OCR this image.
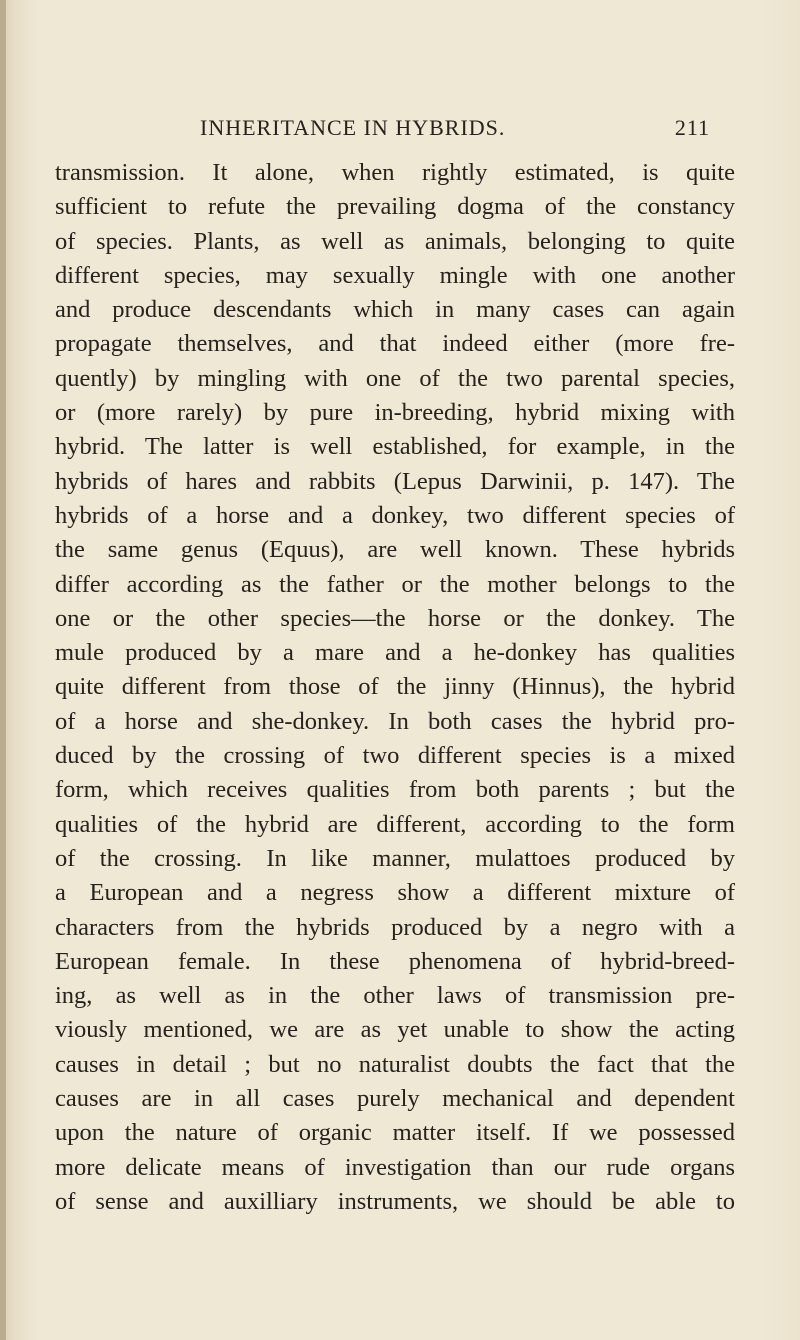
INHERITANCE IN HYBRIDS.	211
transmission. It alone, when rightly estimated, is quite
sufficient to refute the prevailing dogma of the constancy
of species. Plants, as well as animals, belonging to quite
different species, may sexually mingle with one another
and produce descendants which in many cases can again
propagate themselves, and that indeed either (more fre-
quently) by mingling with one of the two parental species,
or (more rarely) by pure in-breeding, hybrid mixing with
hybrid. The latter is well established, for example, in the
hybrids of hares and rabbits (Lepus Darwinii, p. 147). The
hybrids of a horse and a donkey, two different species of
the same genus (Equus), are well known. These hybrids
differ according as the father or the mother belongs to the
one or the other species—the horse or the donkey. The
mule produced by a mare and a he-donkey has qualities
quite different from those of the jinny (Hinnus), the hybrid
of a horse and she-donkey. In both cases the hybrid pro-
duced by the crossing of two different species is a mixed
form, which receives qualities from both parents ; but the
qualities of the hybrid are different, according to the form
of the crossing. In like manner, mulattoes produced by
a European and a negress show a different mixture of
characters from the hybrids produced by a negro with a
European female. In these phenomena of hybrid-breed-
ing, as well as in the other laws of transmission pre-
viously mentioned, we are as yet unable to show the acting
causes in detail ; but no naturalist doubts the fact that the
causes are in all cases purely mechanical and dependent
upon the nature of organic matter itself. If we possessed
more delicate means of investigation than our rude organs
of sense and auxilliary instruments, we should be able to
